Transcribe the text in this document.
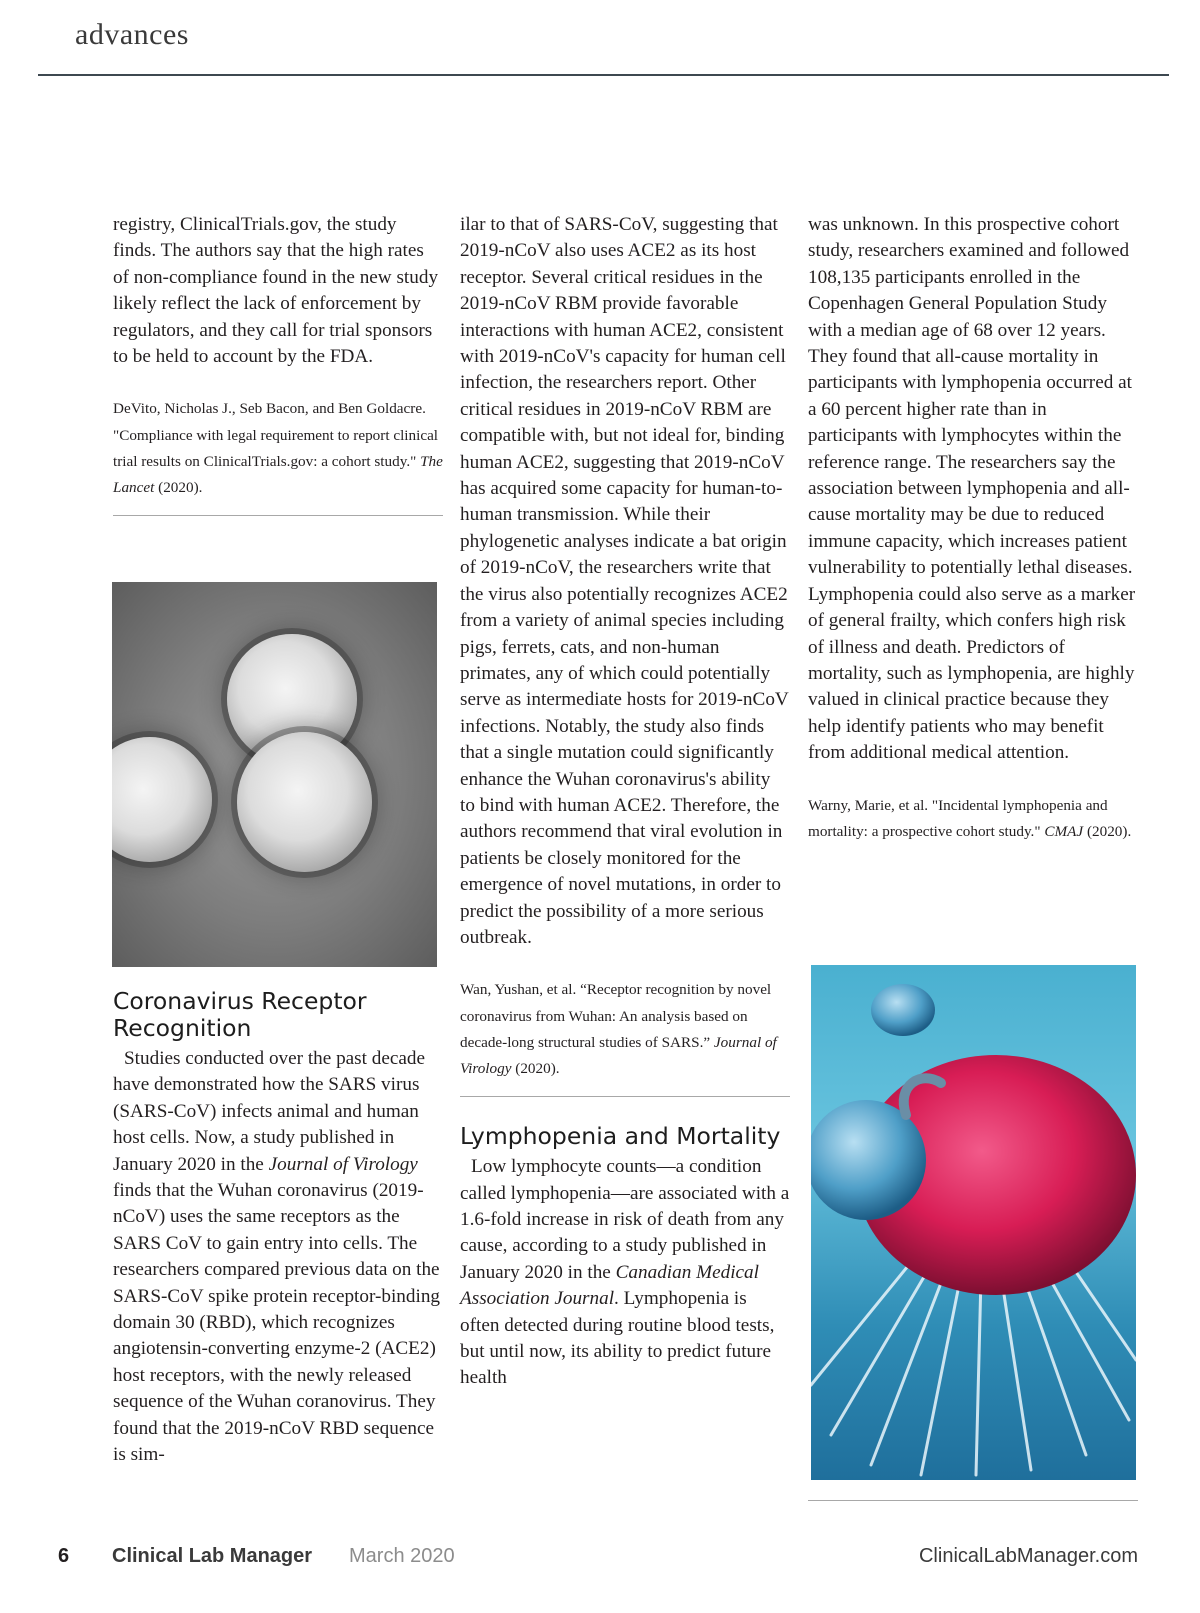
advances

registry, ClinicalTrials.gov, the study finds. The authors say that the high rates of non-compliance found in the new study likely reflect the lack of enforcement by regulators, and they call for trial sponsors to be held to account by the FDA.

DeVito, Nicholas J., Seb Bacon, and Ben Goldacre. "Compliance with legal requirement to report clinical trial results on ClinicalTrials.gov: a cohort study." The Lancet (2020).

Coronavirus Receptor Recognition

Studies conducted over the past decade have demonstrated how the SARS virus (SARS-CoV) infects animal and human host cells. Now, a study published in January 2020 in the Journal of Virology finds that the Wuhan coronavirus (2019-nCoV) uses the same receptors as the SARS CoV to gain entry into cells. The researchers compared previous data on the SARS-CoV spike protein receptor-binding domain 30 (RBD), which recognizes angiotensin-converting enzyme-2 (ACE2) host receptors, with the newly released sequence of the Wuhan coranovirus. They found that the 2019-nCoV RBD sequence is sim-

ilar to that of SARS-CoV, suggesting that 2019-nCoV also uses ACE2 as its host receptor. Several critical residues in the 2019-nCoV RBM provide favorable interactions with human ACE2, consistent with 2019-nCoV's capacity for human cell infection, the researchers report. Other critical residues in 2019-nCoV RBM are compatible with, but not ideal for, binding human ACE2, suggesting that 2019-nCoV has acquired some capacity for human-to-human transmission. While their phylogenetic analyses indicate a bat origin of 2019-nCoV, the researchers write that the virus also potentially recognizes ACE2 from a variety of animal species including pigs, ferrets, cats, and non-human primates, any of which could potentially serve as intermediate hosts for 2019-nCoV infections. Notably, the study also finds that a single mutation could significantly enhance the Wuhan coronavirus's ability to bind with human ACE2. Therefore, the authors recommend that viral evolution in patients be closely monitored for the emergence of novel mutations, in order to predict the possibility of a more serious outbreak.

Wan, Yushan, et al. “Receptor recognition by novel coronavirus from Wuhan: An analysis based on decade-long structural studies of SARS.” Journal of Virology (2020).

Lymphopenia and Mortality

Low lymphocyte counts—a condition called lymphopenia—are associated with a 1.6-fold increase in risk of death from any cause, according to a study published in January 2020 in the Canadian Medical Association Journal. Lymphopenia is often detected during routine blood tests, but until now, its ability to predict future health

was unknown. In this prospective cohort study, researchers examined and followed 108,135 participants enrolled in the Copenhagen General Population Study with a median age of 68 over 12 years. They found that all-cause mortality in participants with lymphopenia occurred at a 60 percent higher rate than in participants with lymphocytes within the reference range. The researchers say the association between lymphopenia and all-cause mortality may be due to reduced immune capacity, which increases patient vulnerability to potentially lethal diseases. Lymphopenia could also serve as a marker of general frailty, which confers high risk of illness and death. Predictors of mortality, such as lymphopenia, are highly valued in clinical practice because they help identify patients who may benefit from additional medical attention.

Warny, Marie, et al. "Incidental lymphopenia and mortality: a prospective cohort study." CMAJ (2020).

6 Clinical Lab Manager March 2020	ClinicalLabManager.com
